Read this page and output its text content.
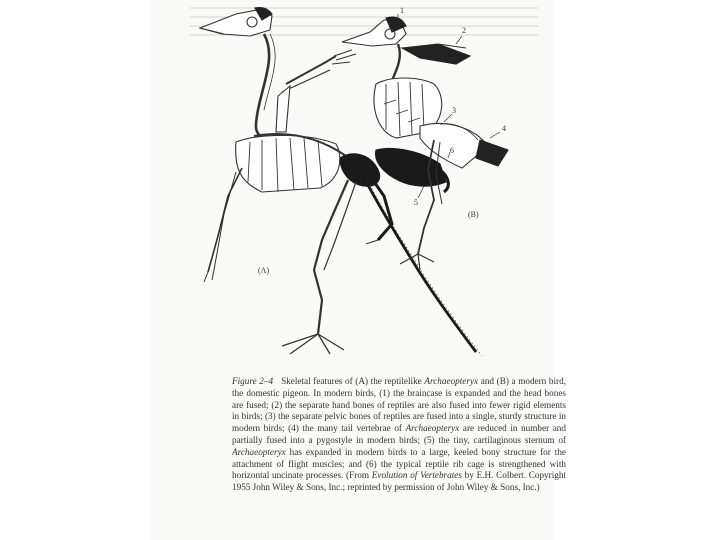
(A)
(B)
1
2
3
4
5
6
Figure 2–4 Skeletal features of (A) the reptilelike Archaeopteryx and (B) a modern bird, the domestic pigeon. In modern birds, (1) the braincase is expanded and the head bones are fused; (2) the separate hand bones of reptiles are also fused into fewer rigid elements in birds; (3) the separate pelvic bones of reptiles are fused into a single, sturdy structure in modern birds; (4) the many tail vertebrae of Archaeopteryx are reduced in number and partially fused into a pygostyle in modern birds; (5) the tiny, cartilaginous sternum of Archaeopteryx has expanded in modern birds to a large, keeled bony structure for the attachment of flight muscles; and (6) the typical reptile rib cage is strengthened with horizontal uncinate processes. (From Evolution of Vertebrates by E.H. Colbert. Copyright 1955 John Wiley & Sons, Inc.; reprinted by permission of John Wiley & Sons, Inc.)
